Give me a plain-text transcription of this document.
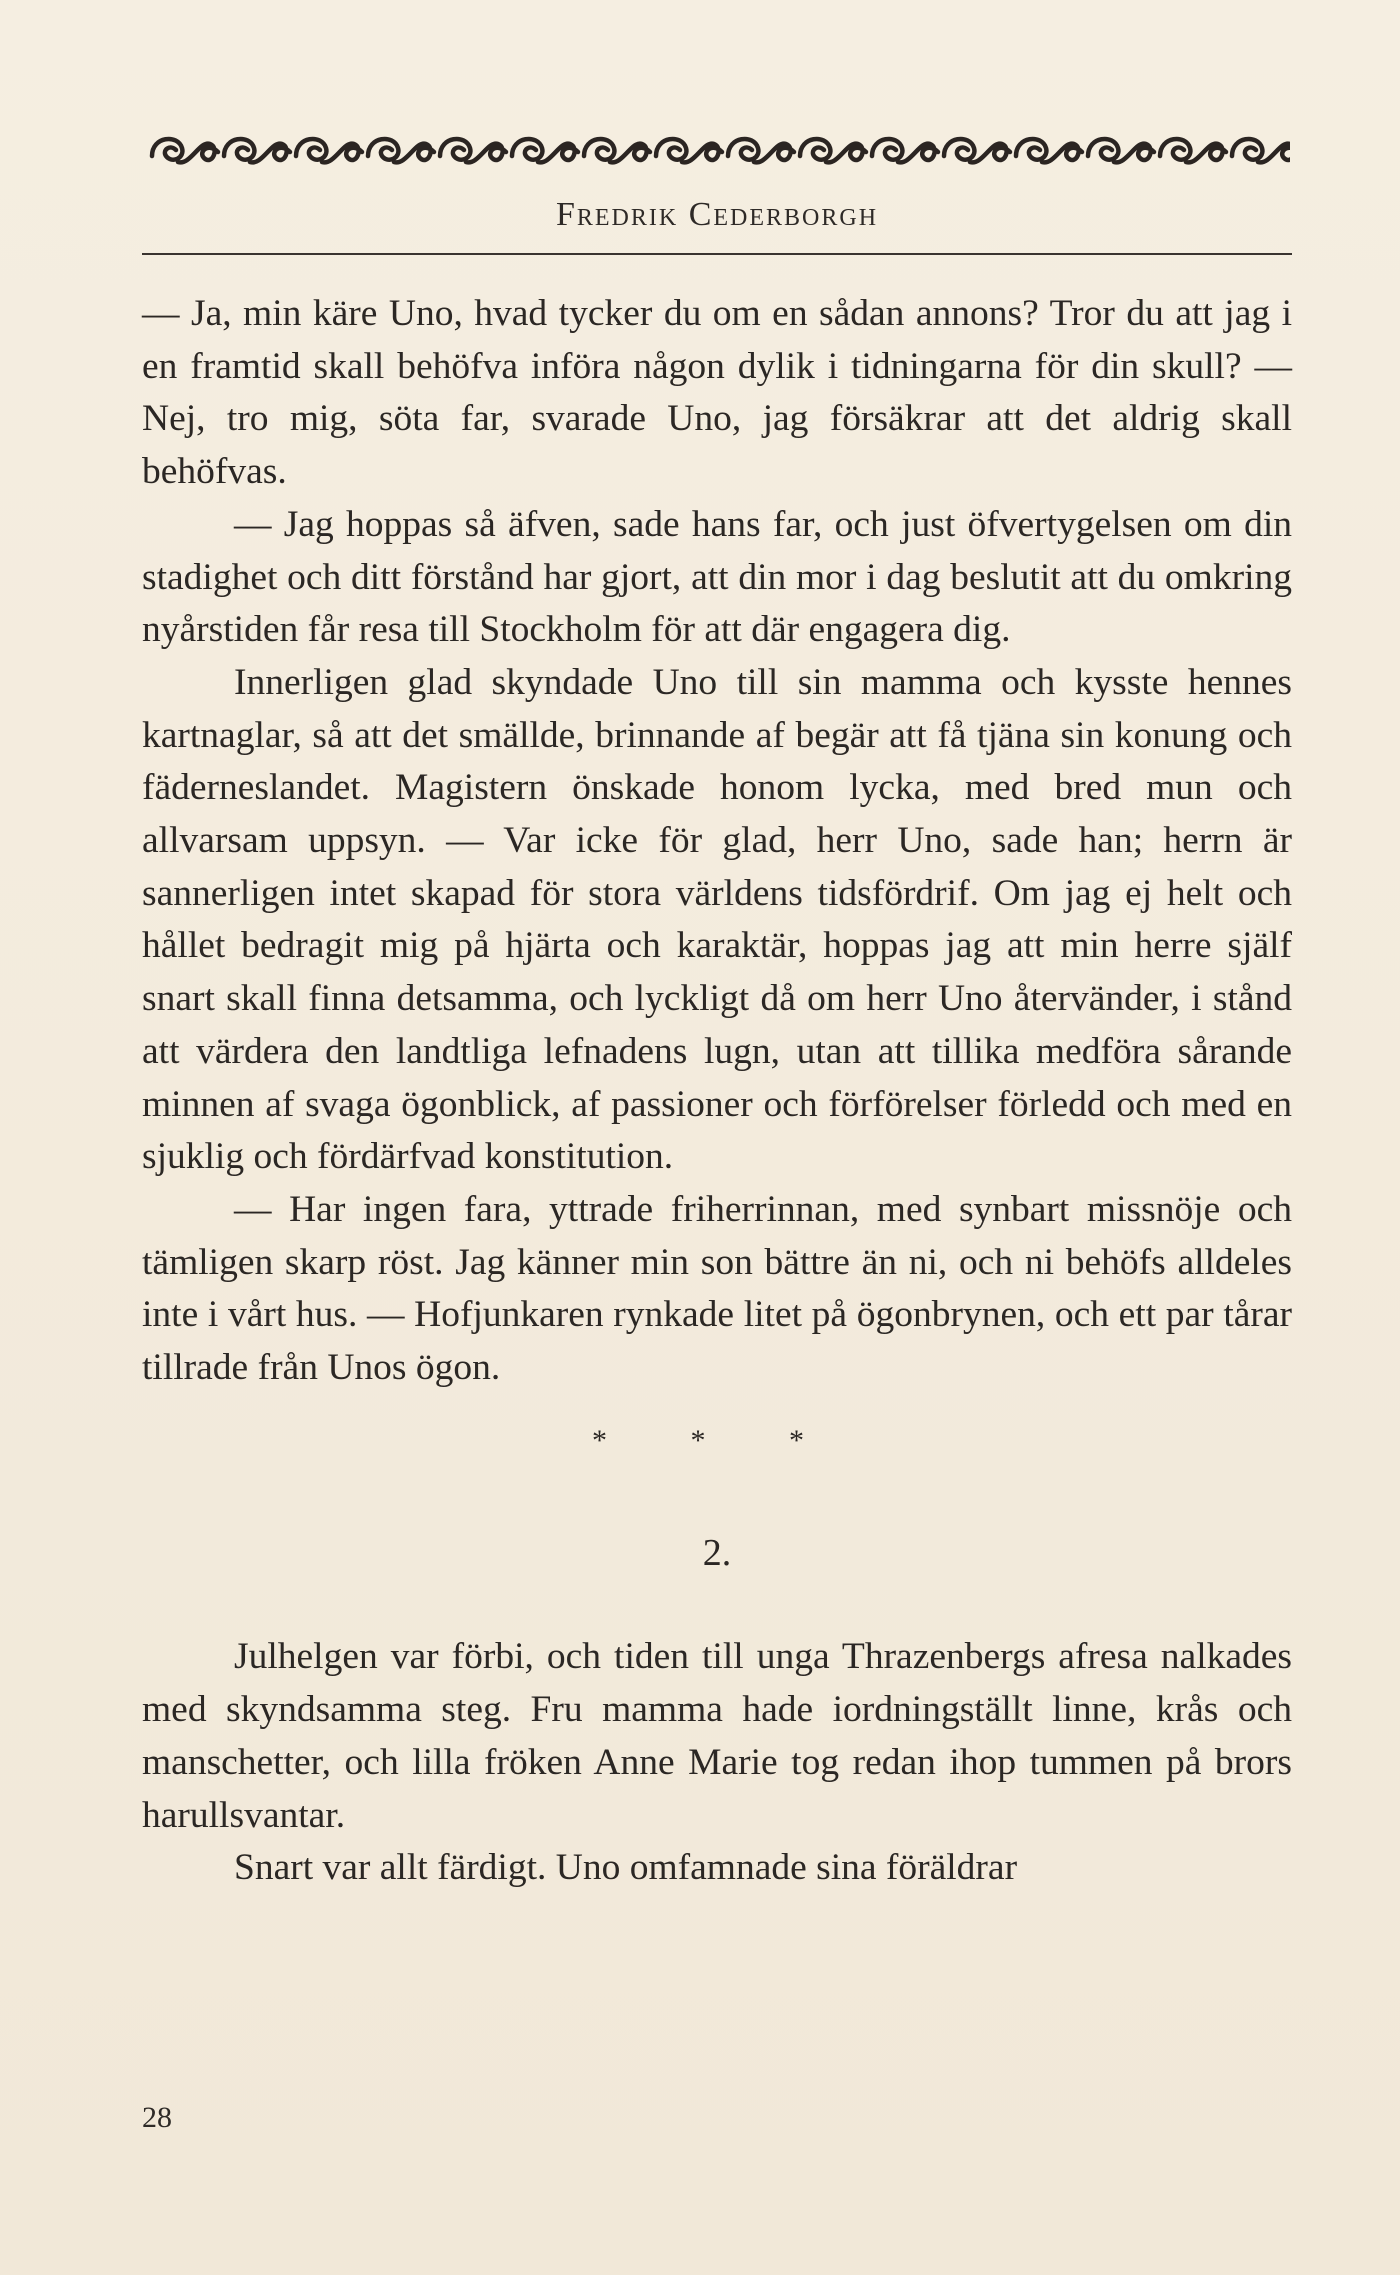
Fredrik Cederborgh

— Ja, min käre Uno, hvad tycker du om en sådan annons? Tror du att jag i en framtid skall behöfva införa någon dylik i tidningarna för din skull? — Nej, tro mig, söta far, svarade Uno, jag försäkrar att det aldrig skall behöfvas.

— Jag hoppas så äfven, sade hans far, och just öfvertygelsen om din stadighet och ditt förstånd har gjort, att din mor i dag beslutit att du omkring nyårstiden får resa till Stockholm för att där engagera dig.

Innerligen glad skyndade Uno till sin mamma och kysste hennes kartnaglar, så att det smällde, brinnande af begär att få tjäna sin konung och fäderneslandet. Magistern önskade honom lycka, med bred mun och allvarsam uppsyn. — Var icke för glad, herr Uno, sade han; herrn är sannerligen intet skapad för stora världens tidsfördrif. Om jag ej helt och hållet bedragit mig på hjärta och karaktär, hoppas jag att min herre själf snart skall finna detsamma, och lyckligt då om herr Uno återvänder, i stånd att värdera den landtliga lefnadens lugn, utan att tillika medföra sårande minnen af svaga ögonblick, af passioner och förförelser förledd och med en sjuklig och fördärfvad konstitution.

— Har ingen fara, yttrade friherrinnan, med synbart missnöje och tämligen skarp röst. Jag känner min son bättre än ni, och ni behöfs alldeles inte i vårt hus. — Hofjunkaren rynkade litet på ögonbrynen, och ett par tårar tillrade från Unos ögon.

* * *
2.

Julhelgen var förbi, och tiden till unga Thrazenbergs afresa nalkades med skyndsamma steg. Fru mamma hade iordningställt linne, krås och manschetter, och lilla fröken Anne Marie tog redan ihop tummen på brors harullsvantar.

Snart var allt färdigt. Uno omfamnade sina föräldrar

28
